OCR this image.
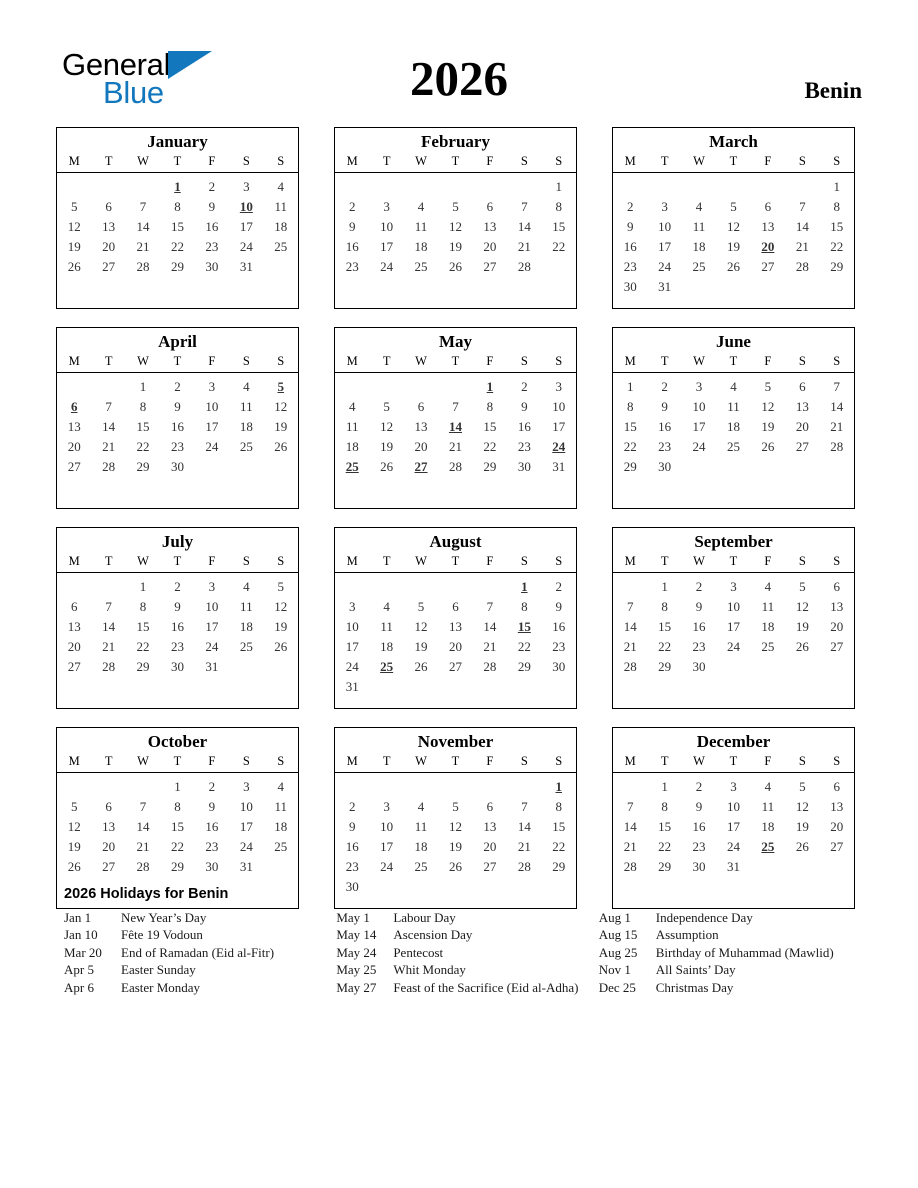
General
Blue	2026	Benin
January
M	T	W	T	F	S	S
			1	2	3	4
5	6	7	8	9	10	11
12	13	14	15	16	17	18
19	20	21	22	23	24	25
26	27	28	29	30	31	

February
M	T	W	T	F	S	S
						1
2	3	4	5	6	7	8
9	10	11	12	13	14	15
16	17	18	19	20	21	22
23	24	25	26	27	28	

March
M	T	W	T	F	S	S
						1
2	3	4	5	6	7	8
9	10	11	12	13	14	15
16	17	18	19	20	21	22
23	24	25	26	27	28	29
30	31					
April
M	T	W	T	F	S	S
		1	2	3	4	5
6	7	8	9	10	11	12
13	14	15	16	17	18	19
20	21	22	23	24	25	26
27	28	29	30			

May
M	T	W	T	F	S	S
				1	2	3
4	5	6	7	8	9	10
11	12	13	14	15	16	17
18	19	20	21	22	23	24
25	26	27	28	29	30	31

June
M	T	W	T	F	S	S
1	2	3	4	5	6	7
8	9	10	11	12	13	14
15	16	17	18	19	20	21
22	23	24	25	26	27	28
29	30					

July
M	T	W	T	F	S	S
		1	2	3	4	5
6	7	8	9	10	11	12
13	14	15	16	17	18	19
20	21	22	23	24	25	26
27	28	29	30	31		

August
M	T	W	T	F	S	S
					1	2
3	4	5	6	7	8	9
10	11	12	13	14	15	16
17	18	19	20	21	22	23
24	25	26	27	28	29	30
31						
September
M	T	W	T	F	S	S
	1	2	3	4	5	6
7	8	9	10	11	12	13
14	15	16	17	18	19	20
21	22	23	24	25	26	27
28	29	30				

October
M	T	W	T	F	S	S
			1	2	3	4
5	6	7	8	9	10	11
12	13	14	15	16	17	18
19	20	21	22	23	24	25
26	27	28	29	30	31	

November
M	T	W	T	F	S	S
						1
2	3	4	5	6	7	8
9	10	11	12	13	14	15
16	17	18	19	20	21	22
23	24	25	26	27	28	29
30						
December
M	T	W	T	F	S	S
	1	2	3	4	5	6
7	8	9	10	11	12	13
14	15	16	17	18	19	20
21	22	23	24	25	26	27
28	29	30	31			

2026 Holidays for Benin
Jan 1	New Year’s Day
Jan 10	Fête 19 Vodoun
Mar 20	End of Ramadan (Eid al-Fitr)
Apr 5	Easter Sunday
Apr 6	Easter Monday
May 1	Labour Day
May 14	Ascension Day
May 24	Pentecost
May 25	Whit Monday
May 27	Feast of the Sacrifice (Eid al-Adha)
Aug 1	Independence Day
Aug 15	Assumption
Aug 25	Birthday of Muhammad (Mawlid)
Nov 1	All Saints’ Day
Dec 25	Christmas Day
